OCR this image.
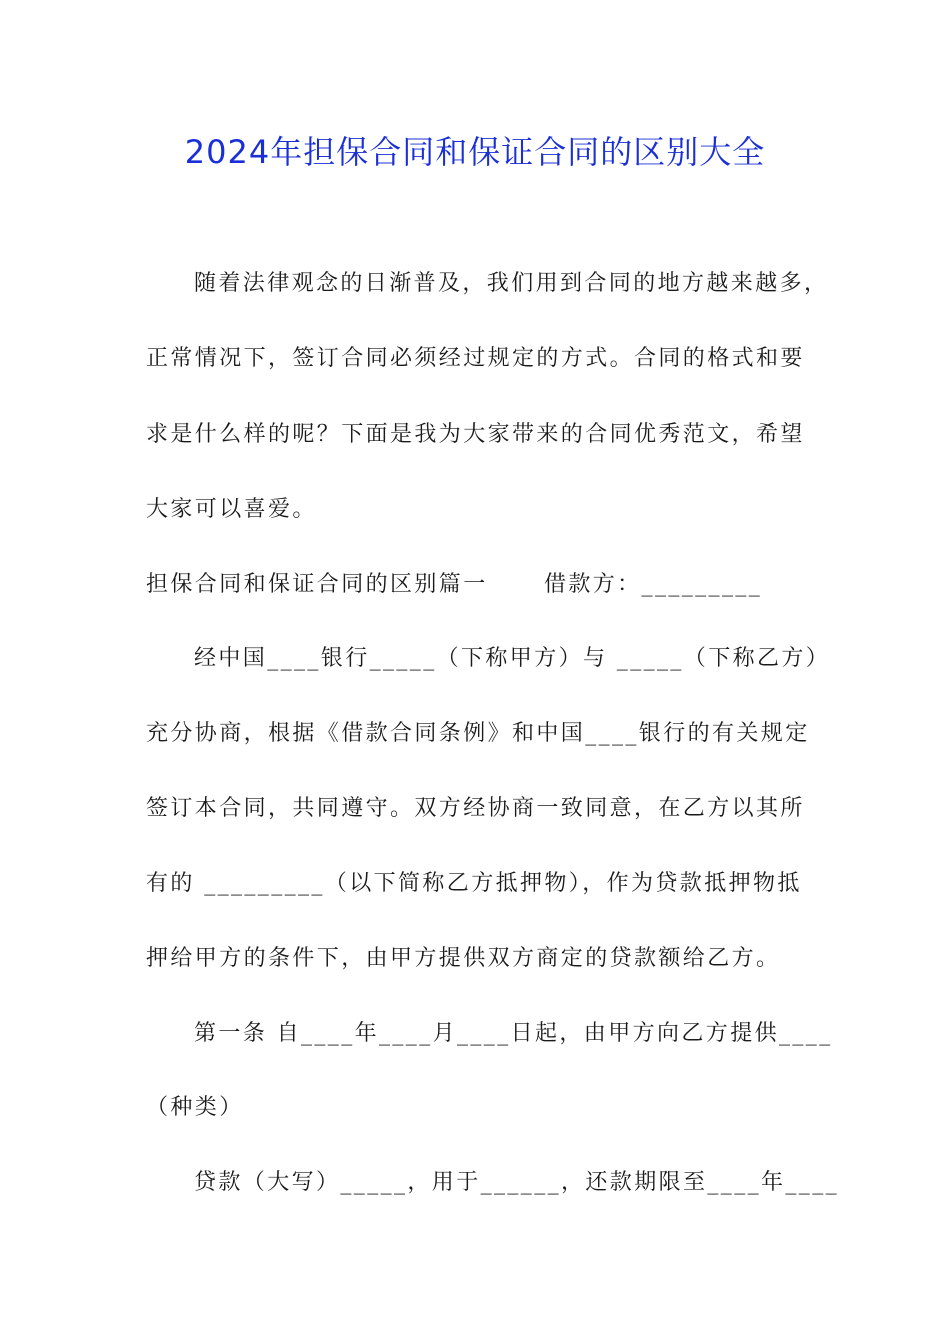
2024年担保合同和保证合同的区别大全
随着法律观念的日渐普及，我们用到合同的地方越来越多，
正常情况下，签订合同必须经过规定的方式。合同的格式和要
求是什么样的呢？下面是我为大家带来的合同优秀范文，希望
大家可以喜爱。
担保合同和保证合同的区别篇一      借款方：_________
经中国____银行_____（下称甲方）与 _____（下称乙方）
充分协商，根据《借款合同条例》和中国____银行的有关规定
签订本合同，共同遵守。双方经协商一致同意，在乙方以其所
有的 _________（以下简称乙方抵押物），作为贷款抵押物抵
押给甲方的条件下，由甲方提供双方商定的贷款额给乙方。
第一条 自____年____月____日起，由甲方向乙方提供____
（种类）
贷款（大写）_____，用于______，还款期限至____年____
